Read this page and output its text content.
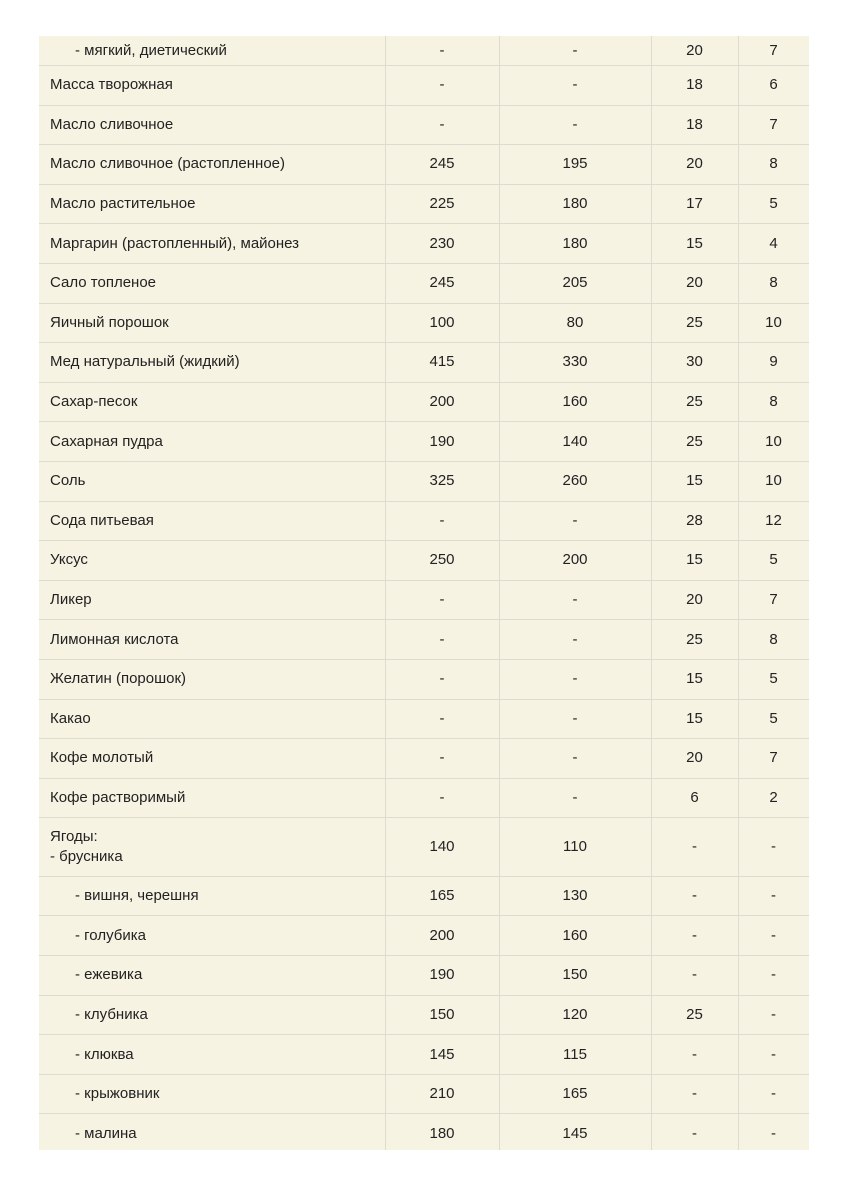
- мягкий, диетический	-	-	20	7
Масса творожная	-	-	18	6
Масло сливочное	-	-	18	7
Масло сливочное (растопленное)	245	195	20	8
Масло растительное	225	180	17	5
Маргарин (растопленный), майонез	230	180	15	4
Сало топленое	245	205	20	8
Яичный порошок	100	80	25	10
Мед натуральный (жидкий)	415	330	30	9
Сахар-песок	200	160	25	8
Сахарная пудра	190	140	25	10
Соль	325	260	15	10
Сода питьевая	-	-	28	12
Уксус	250	200	15	5
Ликер	-	-	20	7
Лимонная кислота	-	-	25	8
Желатин (порошок)	-	-	15	5
Какао	-	-	15	5
Кофе молотый	-	-	20	7
Кофе растворимый	-	-	6	2

Ягоды:
- брусника	140	110	-	-
- вишня, черешня	165	130	-	-
- голубика	200	160	-	-
- ежевика	190	150	-	-
- клубника	150	120	25	-
- клюква	145	115	-	-
- крыжовник	210	165	-	-
- малина	180	145	-	-
